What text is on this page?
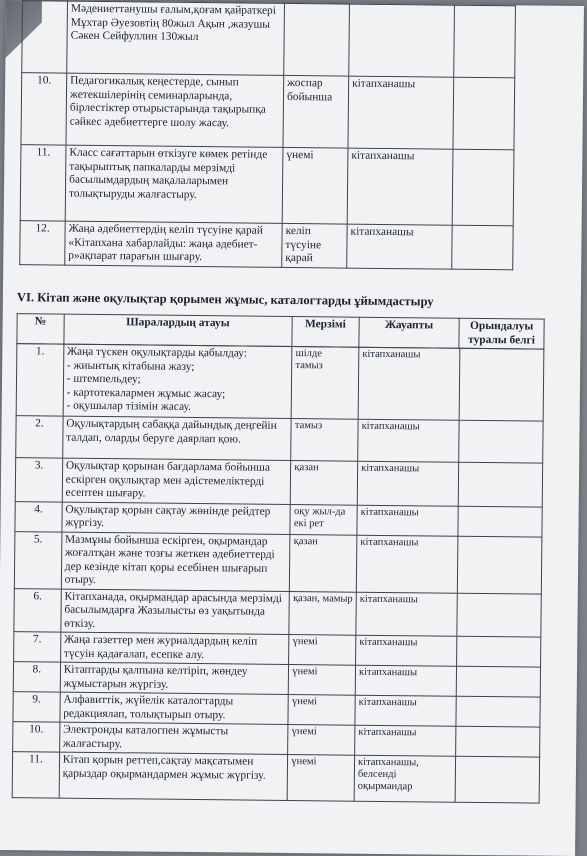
	Мәдениеттанушы ғалым,қоғам қайраткері Мұхтар Әуезовтің 80жыл Ақын ,жазушы Сәкен Сейфуллин 130жыл			
10.	Педагогикалық кеңестерде, сынып жетекшілерінің семинарларында, бірлестіктер отырыстарында тақырыпқа сәйкес әдебиеттерге шолу жасау.	жоспар бойынша	кітапханашы	
11.	Класс сағаттарын өткізуге көмек ретінде тақырыптық папкаларды мерзімді басылымдардың мақалаларымен толықтыруды жалғастыру.	үнемі	кітапханашы	
12.	Жаңа әдебиеттердің келіп түсуіне қарай «Кітапхана хабарлайды: жаңа әдебиет-р»ақпарат парағын шығару.	келіп түсуіне қарай	кітапханашы	
VI. Кітап және оқулықтар қорымен жұмыс, каталогтарды ұйымдастыру
№	Шаралардың атауы	Мерзімі	Жауапты	Орындалуы туралы белгі
1.	Жаңа түскен оқулықтарды қабылдау:
- жиынтық кітабына жазу;
- штемпельдеу;
- картотекалармен жұмыс жасау;
- оқушылар тізімін жасау.	шілде
тамыз	кітапханашы	
2.	Оқулықтардың сабаққа дайындық деңгейін талдап, оларды беруге даярлап қою.	тамыз	кітапханашы	
3.	Оқулықтар қорынан бағдарлама бойынша ескірген оқулықтар мен әдістемеліктерді есептен шығару.	қазан	кітапханашы	
4.	Оқулықтар қорын сақтау жөнінде рейдтер жүргізу.	оқу жыл-да екі рет	кітапханашы	
5.	Мазмұны бойынша ескірген, оқырмандар жоғалтқан және тозғы жеткен әдебиеттерді дер кезінде кітап қоры есебінен шығарып отыру.	қазан	кітапханашы	
6.	Кітапханада, оқырмандар арасында мерзімді басылымдарға Жазылысты өз уақытында өткізу.	қазан, мамыр	кітапханашы	
7.	Жаңа газеттер мен журналдардың келіп түсуін қадағалап, есепке алу.	үнемі	кітапханашы	
8.	Кітаптарды қалпына келтіріп, жөндеу жұмыстарын жүргізу.	үнемі	кітапханашы	
9.	Алфавиттік, жүйелік каталогтарды редакциялап, толықтырып отыру.	үнемі	кітапханашы	
10.	Электронды каталогпен жұмысты жалғастыру.	үнемі	кітапханашы	
11.	Кітап қорын реттеп,сақтау мақсатымен қарыздар оқырмандармен жұмыс жүргізу.	үнемі	кітапханашы, белсенді оқырмандар	
